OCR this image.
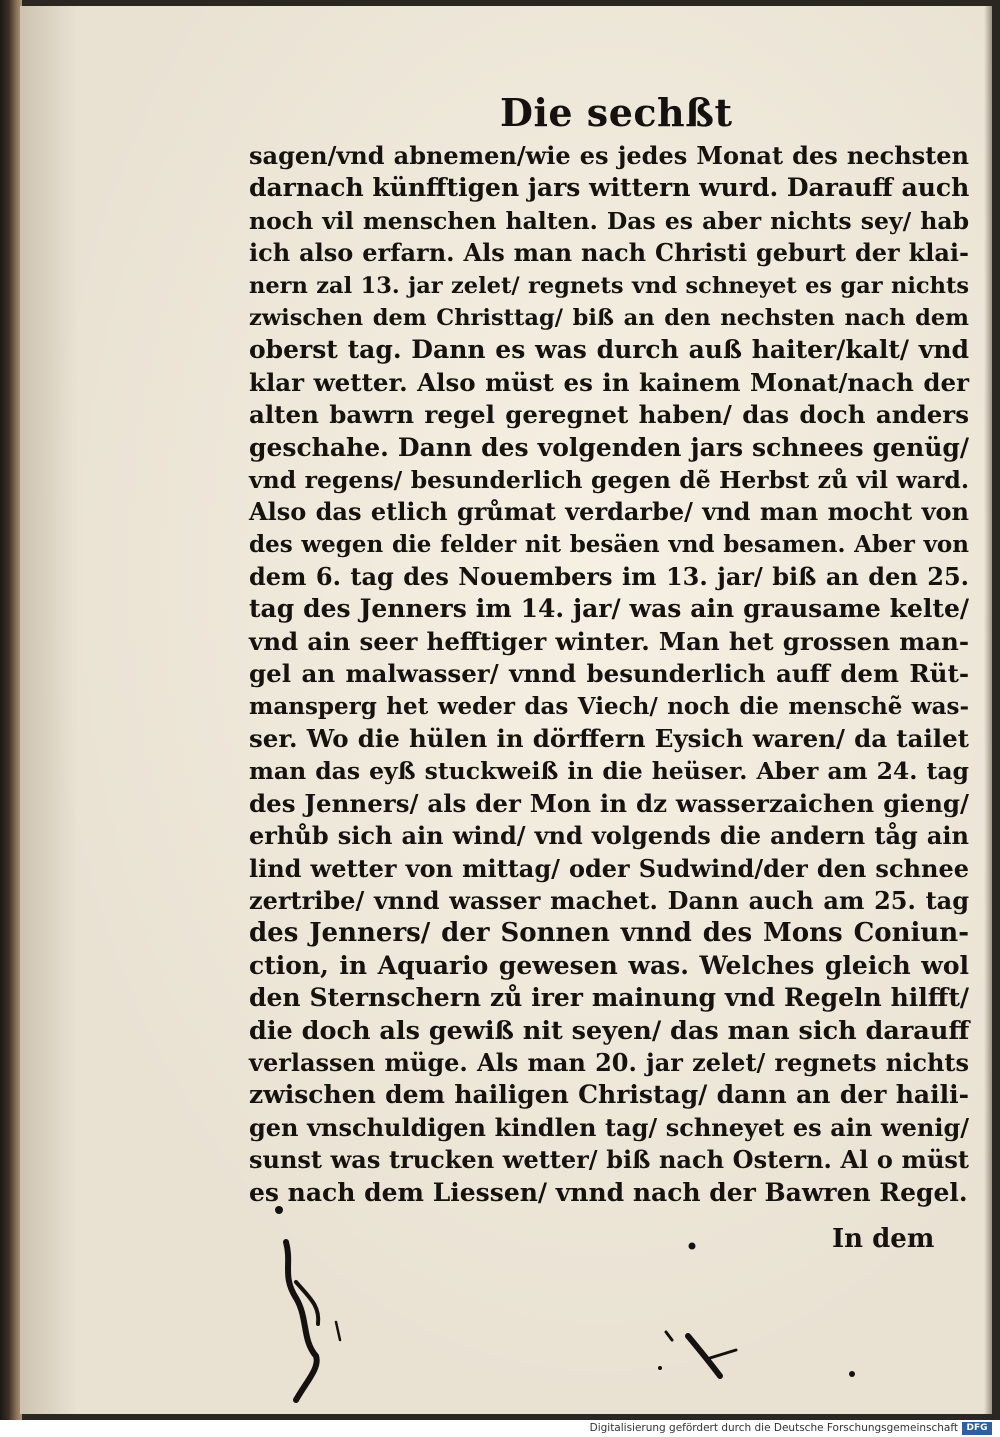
Die sechßt
sagen/vnd abnemen/wie es jedes Monat des nechsten
darnach künfftigen jars wittern wurd. Darauff auch
noch vil menschen halten. Das es aber nichts sey/ hab
ich also erfarn. Als man nach Christi geburt der klai-
nern zal 13. jar zelet/ regnets vnd schneyet es gar nichts
zwischen dem Christtag/ biß an den nechsten nach dem
oberst tag. Dann es was durch auß haiter/kalt/ vnd
klar wetter. Also müst es in kainem Monat/nach der
alten bawrn regel geregnet haben/ das doch anders
geschahe. Dann des volgenden jars schnees genüg/
vnd regens/ besunderlich gegen dẽ Herbst zů vil ward.
Also das etlich grůmat verdarbe/ vnd man mocht von
des wegen die felder nit besäen vnd besamen. Aber von
dem 6. tag des Nouembers im 13. jar/ biß an den 25.
tag des Jenners im 14. jar/ was ain grausame kelte/
vnd ain seer hefftiger winter. Man het grossen man-
gel an malwasser/ vnnd besunderlich auff dem Rüt-
mansperg het weder das Viech/ noch die menschẽ was-
ser. Wo die hülen in dörffern Eysich waren/ da tailet
man das eyß stuckweiß in die heüser. Aber am 24. tag
des Jenners/ als der Mon in dz wasserzaichen gieng/
erhůb sich ain wind/ vnd volgends die andern tåg ain
lind wetter von mittag/ oder Sudwind/der den schnee
zertribe/ vnnd wasser machet. Dann auch am 25. tag
des Jenners/ der Sonnen vnnd des Mons Coniun-
ction, in Aquario gewesen was. Welches gleich wol
den Sternschern zů irer mainung vnd Regeln hilfft/
die doch als gewiß nit seyen/ das man sich darauff
verlassen müge. Als man 20. jar zelet/ regnets nichts
zwischen dem hailigen Christag/ dann an der haili-
gen vnschuldigen kindlen tag/ schneyet es ain wenig/
sunst was trucken wetter/ biß nach Ostern. Al o müst
es nach dem Liessen/ vnnd nach der Bawren Regel.
In dem
Digitalisierung gefördert durch die Deutsche Forschungsgemeinschaft DFG
